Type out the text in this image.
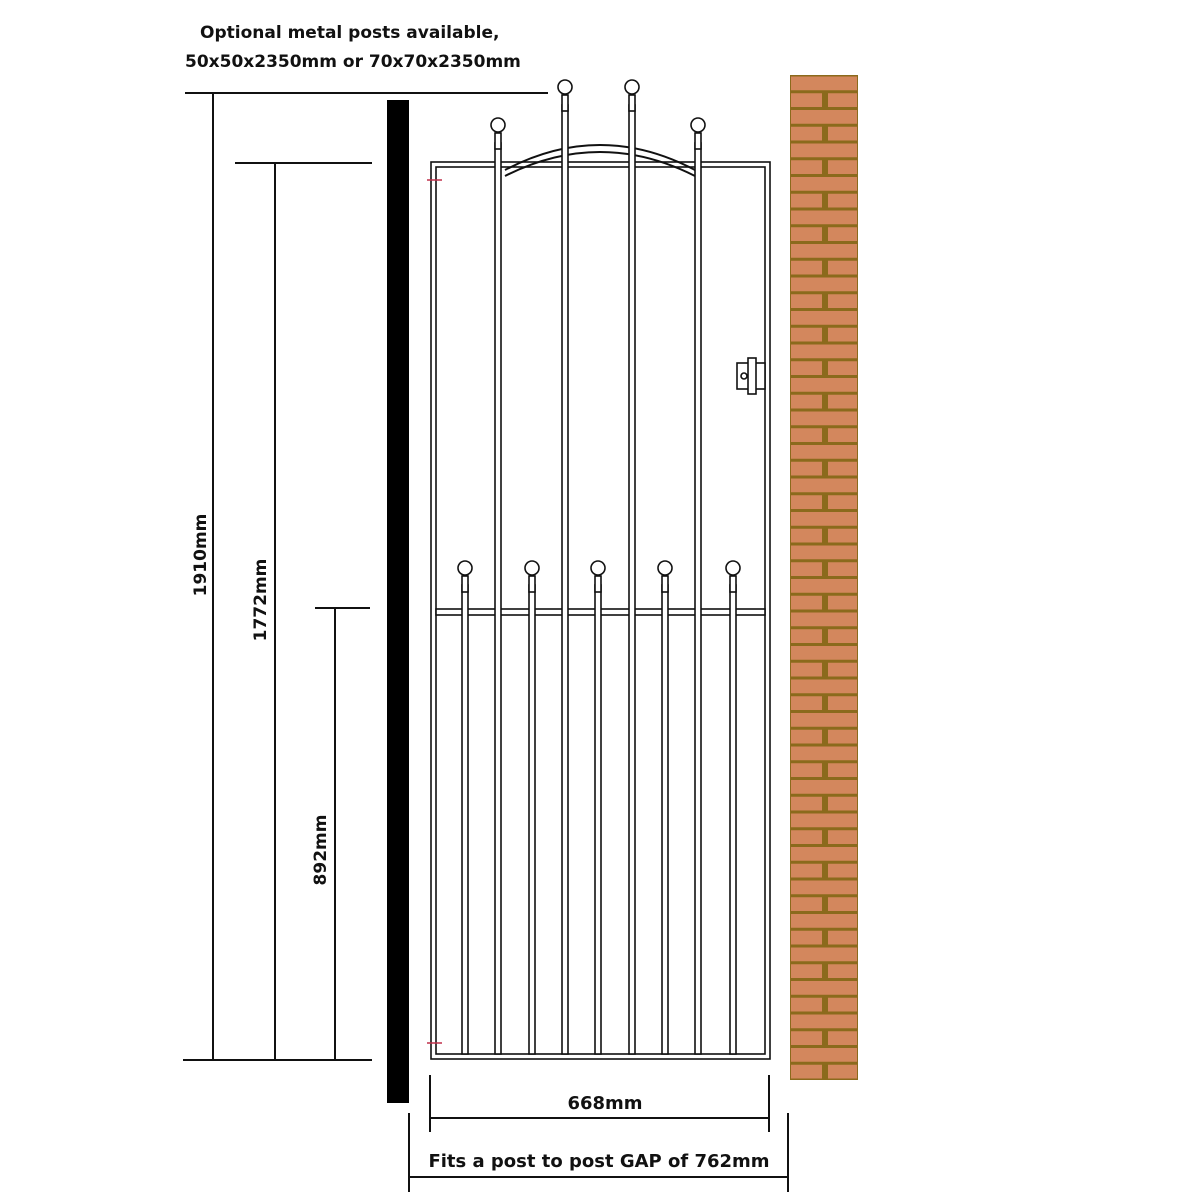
Optional metal posts available,
50x50x2350mm or 70x70x2350mm
1910mm
1772mm
892mm
668mm
Fits a post to post GAP of 762mm
